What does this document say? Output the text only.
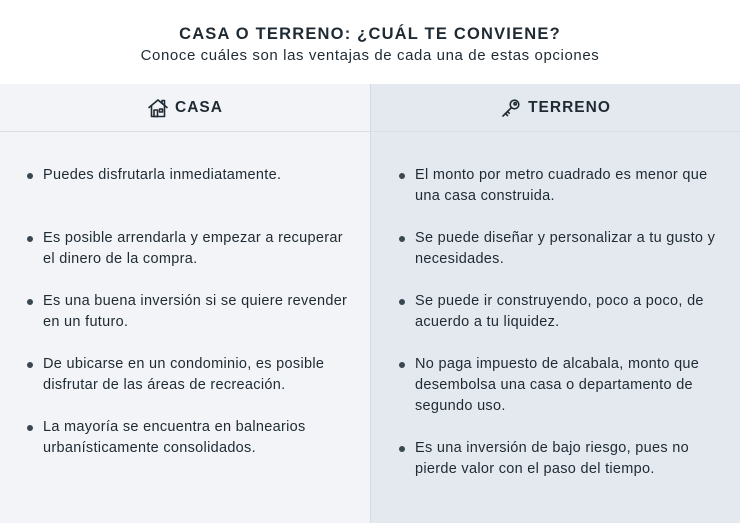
CASA O TERRENO: ¿CUÁL TE CONVIENE?
Conoce cuáles son las ventajas de cada una de estas opciones
CASA
Puedes disfrutarla inmediatamente.
Es posible arrendarla y empezar a recuperar el dinero de la compra.
Es una buena inversión si se quiere revender en un futuro.
De ubicarse en un condominio, es posible disfrutar de las áreas de recreación.
La mayoría se encuentra en balnearios urbanísticamente consolidados.
TERRENO
El monto por metro cuadrado es menor que una casa construida.
Se puede diseñar y personalizar a tu gusto y necesidades.
Se puede ir construyendo, poco a poco, de acuerdo a tu liquidez.
No paga impuesto de alcabala, monto que desembolsa una casa o departamento de segundo uso.
Es una inversión de bajo riesgo, pues no pierde valor con el paso del tiempo.
